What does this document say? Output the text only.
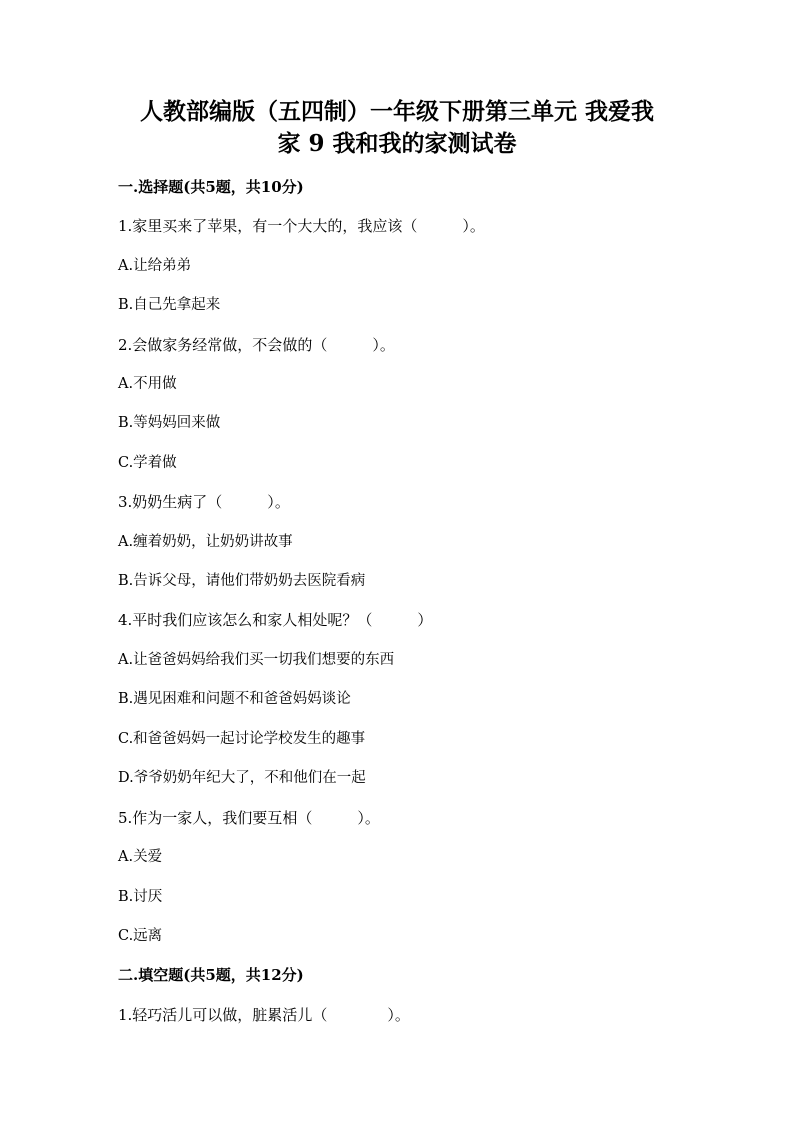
人教部编版（五四制）一年级下册第三单元 我爱我
家 9 我和我的家测试卷
一.选择题(共5题，共10分)
1.家里买来了苹果，有一个大大的，我应该（　　　）。
A.让给弟弟
B.自己先拿起来
2.会做家务经常做，不会做的（　　　）。
A.不用做
B.等妈妈回来做
C.学着做
3.奶奶生病了（　　　）。
A.缠着奶奶，让奶奶讲故事
B.告诉父母，请他们带奶奶去医院看病
4.平时我们应该怎么和家人相处呢？（　　　）
A.让爸爸妈妈给我们买一切我们想要的东西
B.遇见困难和问题不和爸爸妈妈谈论
C.和爸爸妈妈一起讨论学校发生的趣事
D.爷爷奶奶年纪大了，不和他们在一起
5.作为一家人，我们要互相（　　　）。
A.关爱
B.讨厌
C.远离
二.填空题(共5题，共12分)
1.轻巧活儿可以做，脏累活儿（　　　　）。
